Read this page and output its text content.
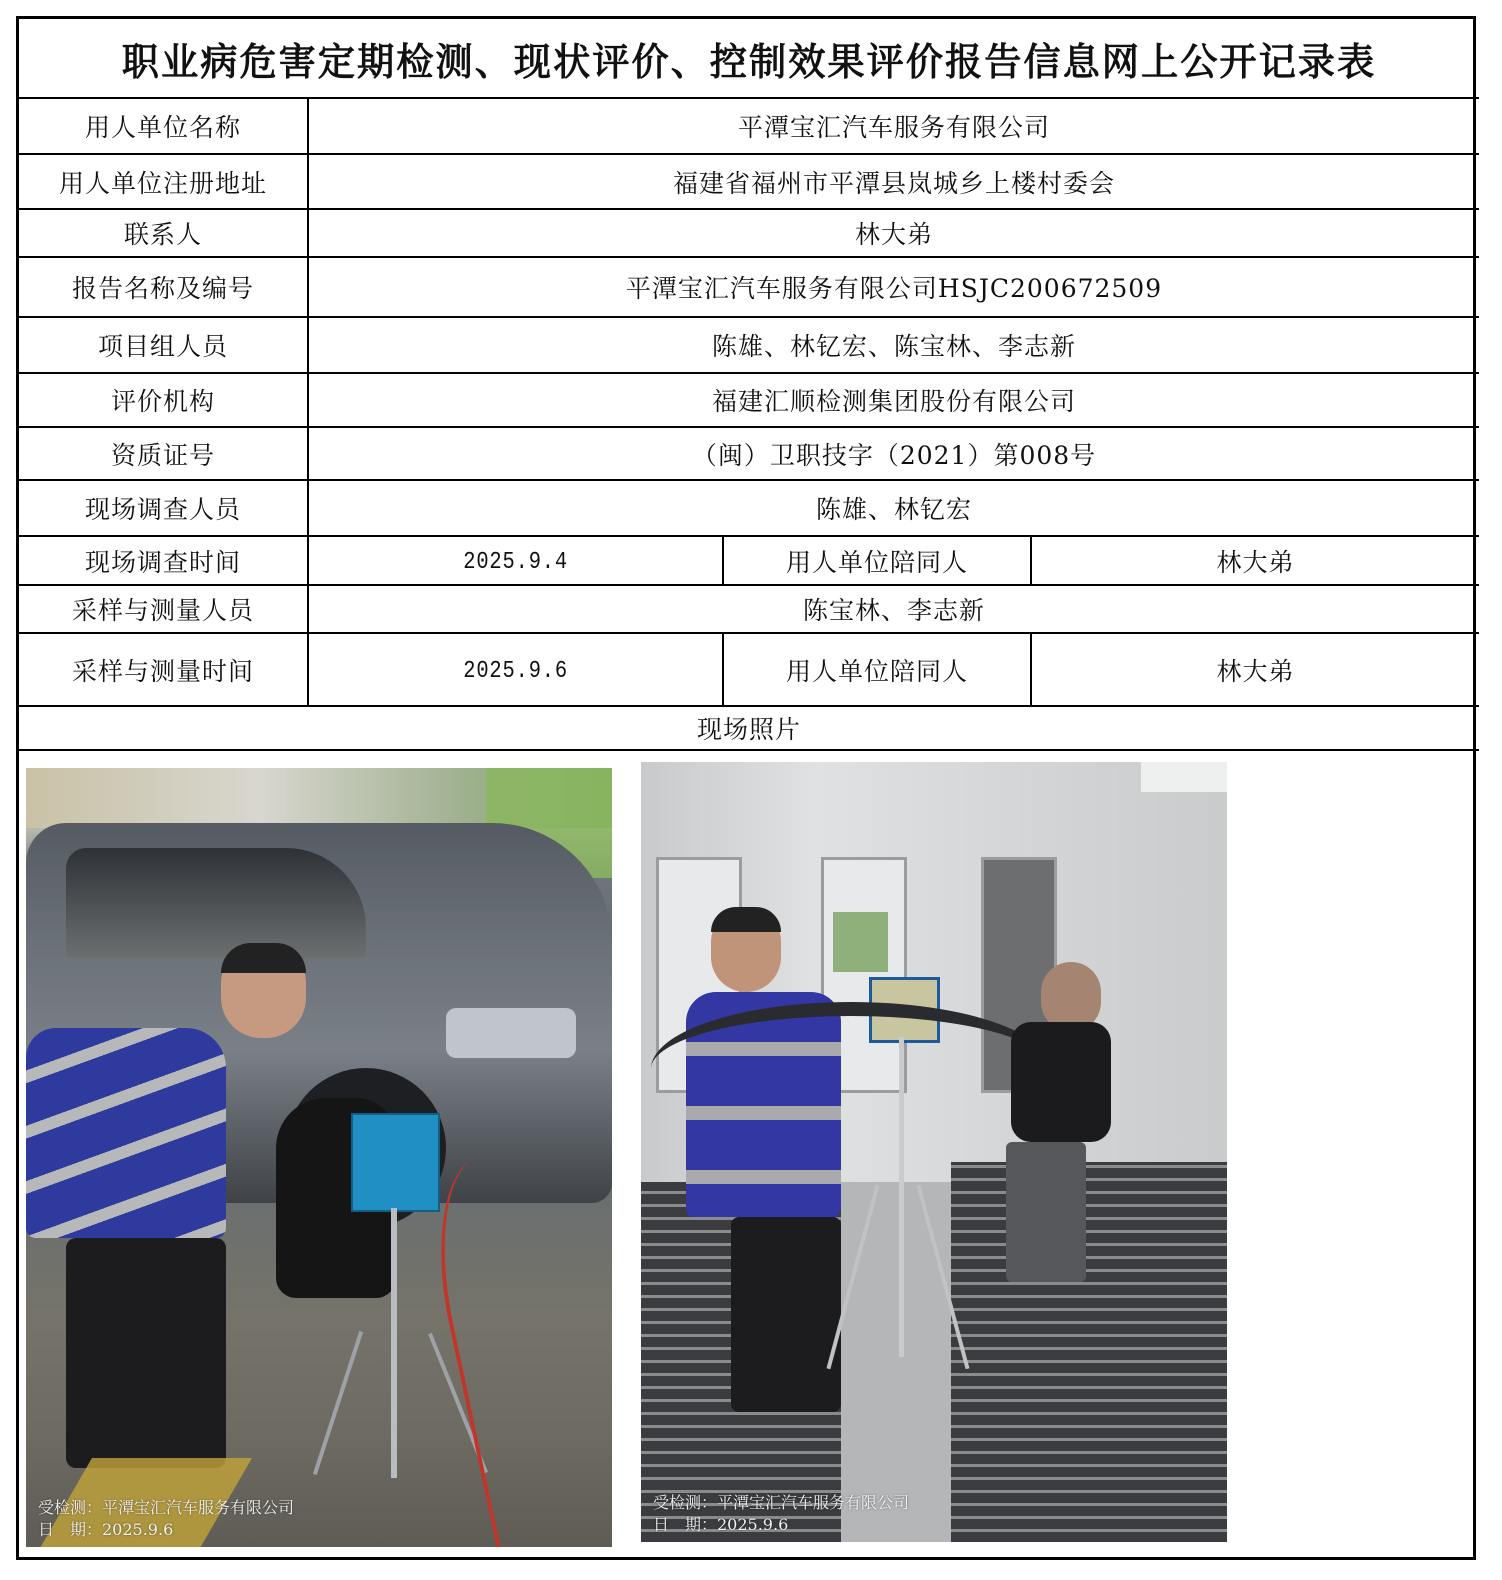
职业病危害定期检测、现状评价、控制效果评价报告信息网上公开记录表			
用人单位名称	平潭宝汇汽车服务有限公司		
用人单位注册地址	福建省福州市平潭县岚城乡上楼村委会		
联系人	林大弟		
报告名称及编号	平潭宝汇汽车服务有限公司HSJC200672509		
项目组人员	陈雄、林钇宏、陈宝林、李志新		
评价机构	福建汇顺检测集团股份有限公司		
资质证号	（闽）卫职技字（2021）第008号		
现场调查人员	陈雄、林钇宏		
现场调查时间	2025.9.4	用人单位陪同人	林大弟
采样与测量人员	陈宝林、李志新		
采样与测量时间	2025.9.6	用人单位陪同人	林大弟
现场照片			

受检测：平潭宝汇汽车服务有限公司
日　期：2025.9.6
受检测：平潭宝汇汽车服务有限公司
日　期：2025.9.6			
